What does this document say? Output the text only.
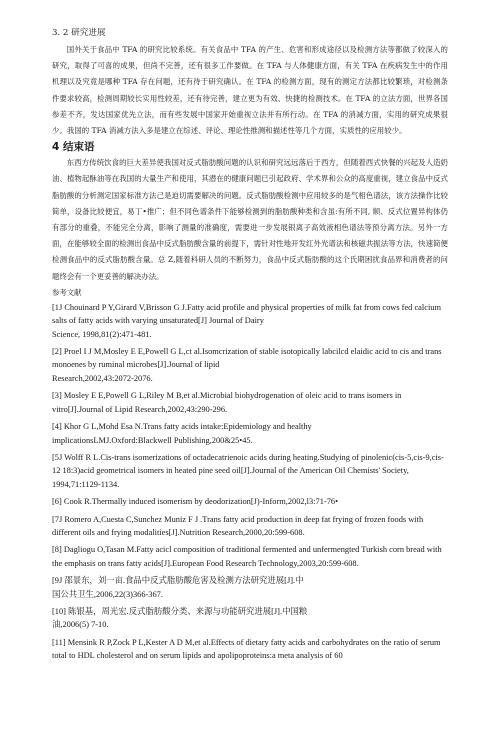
3. 2 研究进展

国外关于食品中 TFA 的研究比较系统。有关食品中 TFA 的产生、危害和形成途径以及检测方法等都做了较深入的研究，取得了可喜的成果，但尚不完善，还有很多工作要做。在 TFA 与人体健康方面，有关 TFA 在疾病发生中的作用机理以及究竟是哪种 TFA 存在问题，还有待于研究确认。在 TFA 的检测方面，现有的测定方法都比较繁琐，对检测条件要求较高，检测周期较长实用性较差，还有待完善，建立更为有效、快捷的检测技术。在 TFA 的立法方面，世界各国参差不齐，发达国家优先立法，而有些发展中国家开始重视立法并有所行动。在 TFA 的消减方面，实用的研究成果很少。我国的 TFA 消减方法入多是建立在综述、评论、理论性推测和描述性等几个方面，实质性的应用较少。

4 结束语

东西方传统饮食的巨大差异使我国对反式脂肪酸问题的认识和研究远远落后于西方，但随着西式快餐的兴起及人造奶油、植物起酥油等在我国的大量生产和使用，其潜在的健康问题已引起政府、学术界和公众的高度重视，建立食品中反式脂肪酸的分析测定国家标准方法己是迫切需要解决的问题。反式脂肪酸检测中应用较多的是气相色谱法，该方法操作比较简单，设备比较便宜，易丁•推广；但不同色谱条件下能够检测到的脂肪酸种类和含虽:有所不同, 顺、反式位置异构体仍有部分的重叠，不能完全分离，影响了测量的准确度，需要进一步发展银离子高效液相色谱法等预分离方法。另外一方面，在能够较全面的检测出食品中反式脂肪酸含量的前提下，需针对性地开发红外光谱法和核磁共振法等方法，快速简便检测食品中的反式脂肪酸含量。总 Z,随着科研人员的不断努力，食品中反式脂肪酸的这个氏期困扰食品界和消费者的问题终会有一个更妥善的解决办法。

参考文献
[1J Chouinard P Y,Girard V,Brisson G J.Fatty acid profile and physical properties of milk fat from cows fed calcium salts of fatty acids with varying unsaturated[J] Journal of Dairy
Science, 1998,81(2):471-481.
[2] Proel I J M,Mosley E E,Powell G L,ct al.Isomcrization of stable isotopically labcilcd elaidic acid to cis and trans monoenes by ruminal microbes[J].Journal of lipid
Research,2002,43:2072-2076.
[3] Mosley E E,Powell G L,Riley M B,et al.Microbial biohydrogenation of oleic acid to trans isomers in vitro[J].Journal of Lipid Research,2002,43:290-296.
[4] Khor G L,Mohd Esa N.Trans fatty acids intake:Epidemiology and healthy
implicationsLMJ.Oxford:Blackwell Publishing,200&25•45.
[5J Wolff R L.Cis-trans isomerizations of octadecatrienoic acids during heating.Studying of pinolenic(cis-5,cis-9,cis-12 18:3)acid geometrical isomers in heated pine seed oil[J].Journal of the American Oil Chemists' Society, 1994,71:1129-1134.
[6] Cook R.Thermally induced isomerism by deodorization[J)-Inform,2002,l3:71-76•
[7J Romero A,Cuesta C,Sunchez Muniz F J .Trans fatty acid production in deep fat frying of frozen foods with different oils and frying modalities[J].Nutrition Research,2000,20:599-608.
[8] Dagliogu O,Tasan M.Fatty acicl composition of traditional fermented and unfermengted Turkish corn bread with the emphasis on trans fatty acids[J].European Food Research Technology,2003,20:599-608.
[9J 邵景东，刘一亩.食品中反式脂肪酸危害及检测方法研究进展[J].中
国公共卫生,2006,22(3)366-367.
[10] 陈银基，周光宏.反式脂肪酸分类、来源与功能研究进展[J].中国粮
油,2006(5) 7-10.
[11] Mensink R P,Zock P L,Kester A D M,et al.Effects of dietary fatty acids and carbohydrates on the ratio of serum total to HDL cholesterol and on serum lipids and apolipoproteins:a meta analysis of 60
